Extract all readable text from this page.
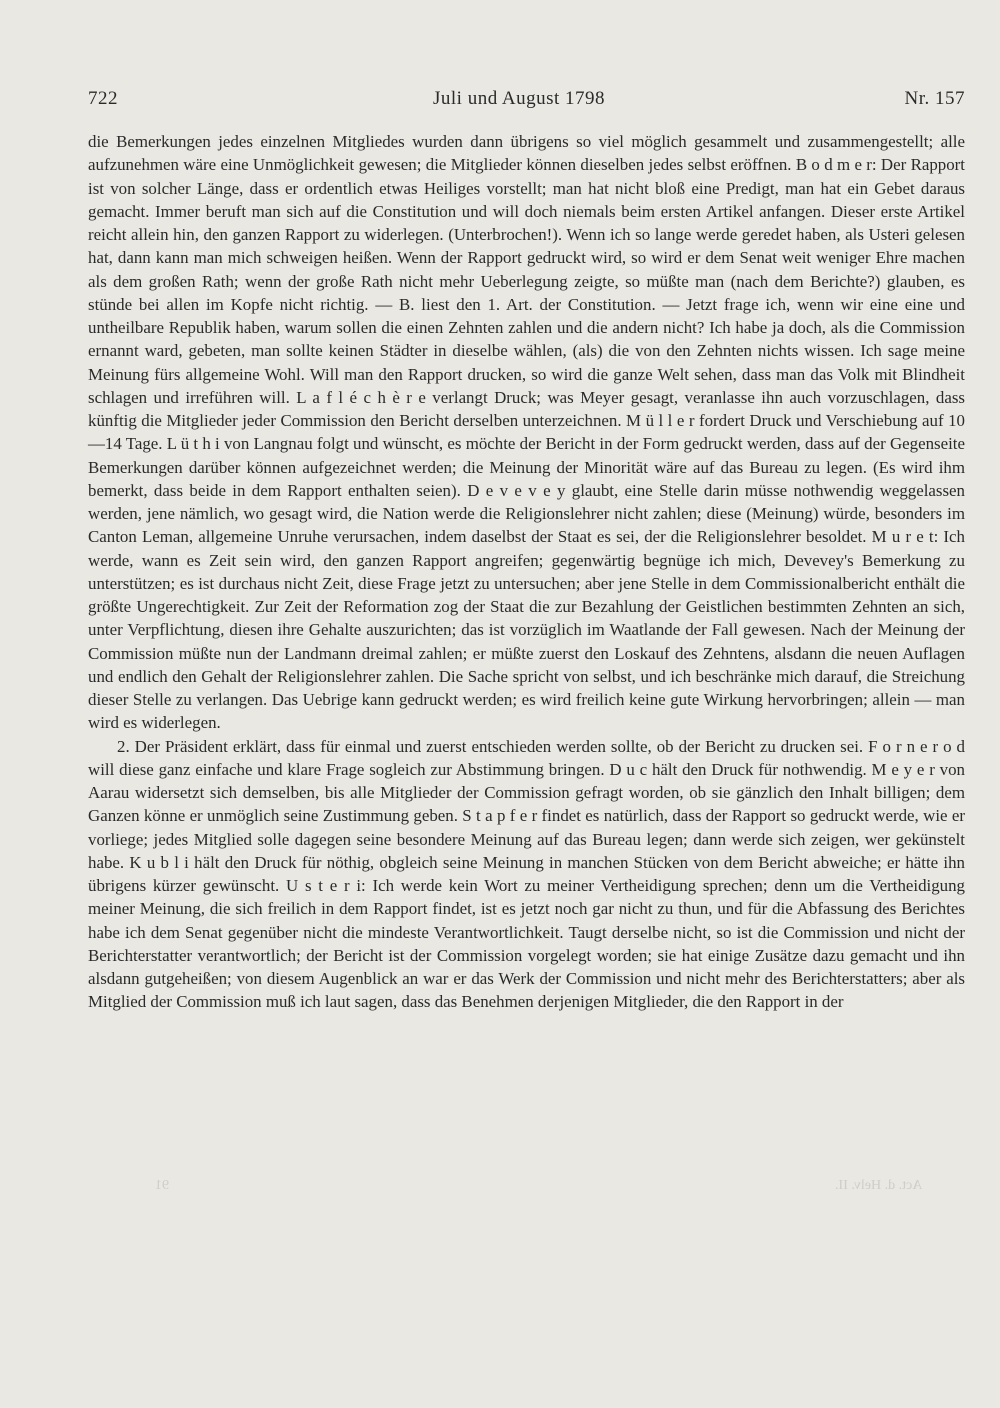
722	Juli und August 1798	Nr. 157

die Bemerkungen jedes einzelnen Mitgliedes wurden dann übrigens so viel möglich gesammelt und zusammengestellt; alle aufzunehmen wäre eine Unmöglichkeit gewesen; die Mitglieder können dieselben jedes selbst eröffnen. B o d m e r: Der Rapport ist von solcher Länge, dass er ordentlich etwas Heiliges vorstellt; man hat nicht bloß eine Predigt, man hat ein Gebet daraus gemacht. Immer beruft man sich auf die Constitution und will doch niemals beim ersten Artikel anfangen. Dieser erste Artikel reicht allein hin, den ganzen Rapport zu widerlegen. (Unterbrochen!). Wenn ich so lange werde geredet haben, als Usteri gelesen hat, dann kann man mich schweigen heißen. Wenn der Rapport gedruckt wird, so wird er dem Senat weit weniger Ehre machen als dem großen Rath; wenn der große Rath nicht mehr Ueberlegung zeigte, so müßte man (nach dem Berichte?) glauben, es stünde bei allen im Kopfe nicht richtig. — B. liest den 1. Art. der Constitution. — Jetzt frage ich, wenn wir eine eine und untheilbare Republik haben, warum sollen die einen Zehnten zahlen und die andern nicht? Ich habe ja doch, als die Commission ernannt ward, gebeten, man sollte keinen Städter in dieselbe wählen, (als) die von den Zehnten nichts wissen. Ich sage meine Meinung fürs allgemeine Wohl. Will man den Rapport drucken, so wird die ganze Welt sehen, dass man das Volk mit Blindheit schlagen und irreführen will. L a f l é c h è r e verlangt Druck; was Meyer gesagt, veranlasse ihn auch vorzuschlagen, dass künftig die Mitglieder jeder Commission den Bericht derselben unterzeichnen. M ü l l e r fordert Druck und Verschiebung auf 10—14 Tage. L ü t h i von Langnau folgt und wünscht, es möchte der Bericht in der Form gedruckt werden, dass auf der Gegenseite Bemerkungen darüber können aufgezeichnet werden; die Meinung der Minorität wäre auf das Bureau zu legen. (Es wird ihm bemerkt, dass beide in dem Rapport enthalten seien). D e v e v e y glaubt, eine Stelle darin müsse nothwendig weggelassen werden, jene nämlich, wo gesagt wird, die Nation werde die Religionslehrer nicht zahlen; diese (Meinung) würde, besonders im Canton Leman, allgemeine Unruhe verursachen, indem daselbst der Staat es sei, der die Religionslehrer besoldet. M u r e t: Ich werde, wann es Zeit sein wird, den ganzen Rapport angreifen; gegenwärtig begnüge ich mich, Devevey's Bemerkung zu unterstützen; es ist durchaus nicht Zeit, diese Frage jetzt zu untersuchen; aber jene Stelle in dem Commissionalbericht enthält die größte Ungerechtigkeit. Zur Zeit der Reformation zog der Staat die zur Bezahlung der Geistlichen bestimmten Zehnten an sich, unter Verpflichtung, diesen ihre Gehalte auszurichten; das ist vorzüglich im Waatlande der Fall gewesen. Nach der Meinung der Commission müßte nun der Landmann dreimal zahlen; er müßte zuerst den Loskauf des Zehntens, alsdann die neuen Auflagen und endlich den Gehalt der Religionslehrer zahlen. Die Sache spricht von selbst, und ich beschränke mich darauf, die Streichung dieser Stelle zu verlangen. Das Uebrige kann gedruckt werden; es wird freilich keine gute Wirkung hervorbringen; allein — man wird es widerlegen.

2. Der Präsident erklärt, dass für einmal und zuerst entschieden werden sollte, ob der Bericht zu drucken sei. F o r n e r o d will diese ganz einfache und klare Frage sogleich zur Abstimmung bringen. D u c hält den Druck für nothwendig. M e y e r von Aarau widersetzt sich demselben, bis alle Mitglieder der Commission gefragt worden, ob sie gänzlich den Inhalt billigen; dem Ganzen könne er unmöglich seine Zustimmung geben. S t a p f e r findet es natürlich, dass der Rapport so gedruckt werde, wie er vorliege; jedes Mitglied solle dagegen seine besondere Meinung auf das Bureau legen; dann werde sich zeigen, wer gekünstelt habe. K u b l i hält den Druck für nöthig, obgleich seine Meinung in manchen Stücken von dem Bericht abweiche; er hätte ihn übrigens kürzer gewünscht. U s t e r i: Ich werde kein Wort zu meiner Vertheidigung sprechen; denn um die Vertheidigung meiner Meinung, die sich freilich in dem Rapport findet, ist es jetzt noch gar nicht zu thun, und für die Abfassung des Berichtes habe ich dem Senat gegenüber nicht die mindeste Verantwortlichkeit. Taugt derselbe nicht, so ist die Commission und nicht der Berichterstatter verantwortlich; der Bericht ist der Commission vorgelegt worden; sie hat einige Zusätze dazu gemacht und ihn alsdann gutgeheißen; von diesem Augenblick an war er das Werk der Commission und nicht mehr des Berichterstatters; aber als Mitglied der Commission muß ich laut sagen, dass das Benehmen derjenigen Mitglieder, die den Rapport in der

91	Act. d. Helv. II.
